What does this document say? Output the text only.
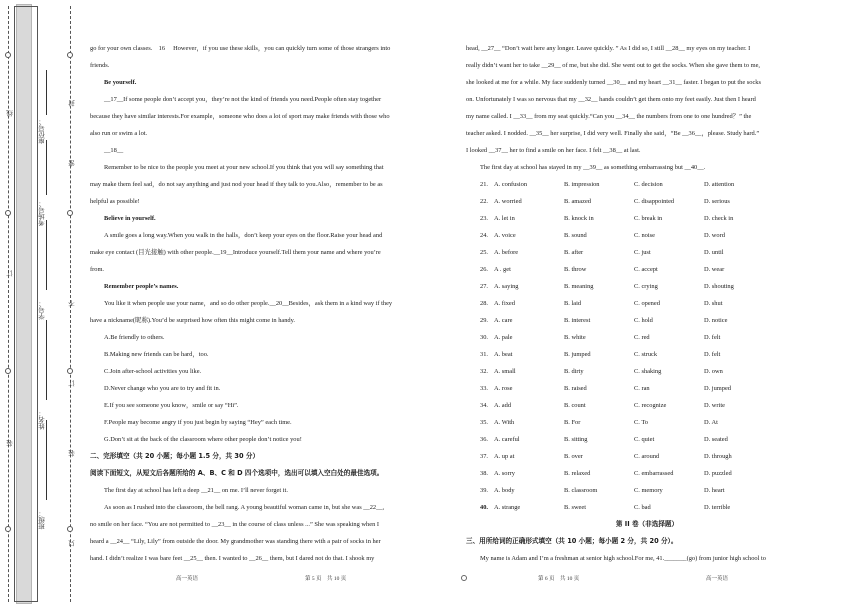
线
订
装
封
密
不
订
装
只
班级：
姓名：
学号：
考场号：
座位号：
go for your own classes.　16　 However，if you use these skills，you can quickly turn some of those strangers into
friends.
Be yourself.
__17__If some people don’t accept you，they’re not the kind of friends you need.People often stay together
because they have similar interests.For example，someone who does a lot of sport may make friends with those who
also run or swim a lot.
__18__
Remember to be nice to the people you meet at your new school.If you think that you will say something that
may make them feel sad，do not say anything and just nod your head if they talk to you.Also，remember to be as
helpful as possible!
Believe in yourself.
A smile goes a long way.When you walk in the halls，don’t keep your eyes on the floor.Raise your head and
make eye contact (目光接触) with other people.__19__Introduce yourself.Tell them your name and where you’re
from.
Remember people’s names.
You like it when people use your name，and so do other people.__20__Besides，ask them in a kind way if they
have a nickname(昵称).You’d be surprised how often this might come in handy.
A.Be friendly to others.
B.Making new friends can be hard，too.
C.Join after-school activities you like.
D.Never change who you are to try and fit in.
E.If you see someone you know，smile or say “Hi”.
F.People may become angry if you just begin by saying “Hey” each time.
G.Don’t sit at the back of the classroom where other people don’t notice you!
二、完形填空（共 20 小题；每小题 1.5 分，共 30 分）
阅读下面短文，从短文后各题所给的 A、B、C 和 D 四个选项中，选出可以填入空白处的最佳选项。
The first day at school has left a deep __21__ on me. I’ll never forget it.
As soon as I rushed into the classroom, the bell rang. A young beautiful woman came in, but she was __22__,
no smile on her face. “You are not permitted to __23__ in the course of class unless ...” She was speaking when I
heard a __24__ “Lily, Lily” from outside the door. My grandmother was standing there with a pair of socks in her
hand. I didn’t realize I was bare feet __25__ then. I wanted to __26__ them, but I dared not do that. I shook my
head, __27__ “Don’t wait here any longer. Leave quickly. ” As I did so, I still __28__ my eyes on my teacher. I
really didn’t want her to take __29__ of me, but she did. She went out to get the socks. When she gave them to me,
she looked at me for a while. My face suddenly turned __30__ and my heart __31__ faster. I began to put the socks
on. Unfortunately I was so nervous that my __32__ hands couldn’t get them onto my feet easily. Just then I heard
my name called. I __33__ from my seat quickly.“Can you __34__ the numbers from one to one hundred？” the
teacher asked. I nodded. __35__ her surprise, I did very well. Finally she said，“Be __36__，please. Study hard.”
I looked __37__ her to find a smile on her face. I felt __38__ at last.
The first day at school has stayed in my __39__ as something embarrassing but __40__.
21. A. confusion	B. impression	C. decision	D. attention
22. A. worried	B. amazed	C. disappointed	D. serious
23. A. let in	B. knock in	C. break in	D. check in
24. A. voice	B. sound	C. noise	D. word
25. A. before	B. after	C. just	D. until
26. A . get	B. throw	C. accept	D. wear
27. A. saying	B. meaning	C. crying	D. shouting
28. A. fixed	B. laid	C. opened	D. shut
29. A. care	B. interest	C. hold	D. notice
30. A. pale	B. white	C. red	D. felt
31. A. beat	B. jumped	C. struck	D. felt
32. A. small	B. dirty	C. shaking	D. own
33. A. rose	B. raised	C. ran	D. jumped
34. A. add	B. count	C. recognize	D. write
35. A. With	B. For	C. To	D. At
36. A. careful	B. sitting	C. quiet	D. seated
37. A. up at	B. over	C. around	D. through
38. A. sorry	B. relaxed	C. embarrassed	D. puzzled
39. A. body	B. classroom	C. memory	D. heart
40. A. strange	B. sweet	C. bad	D. terrible
第 II 卷（非选择题）
三、用所给词的正确形式填空（共 10 小题；每小题 2 分，共 20 分）。
My name is Adam and I’m a freshman at senior high school.For me, 41._______(go) from junior high school to
高一英语	第 5 页　共 10 页	第 6 页　共 10 页	高一英语
